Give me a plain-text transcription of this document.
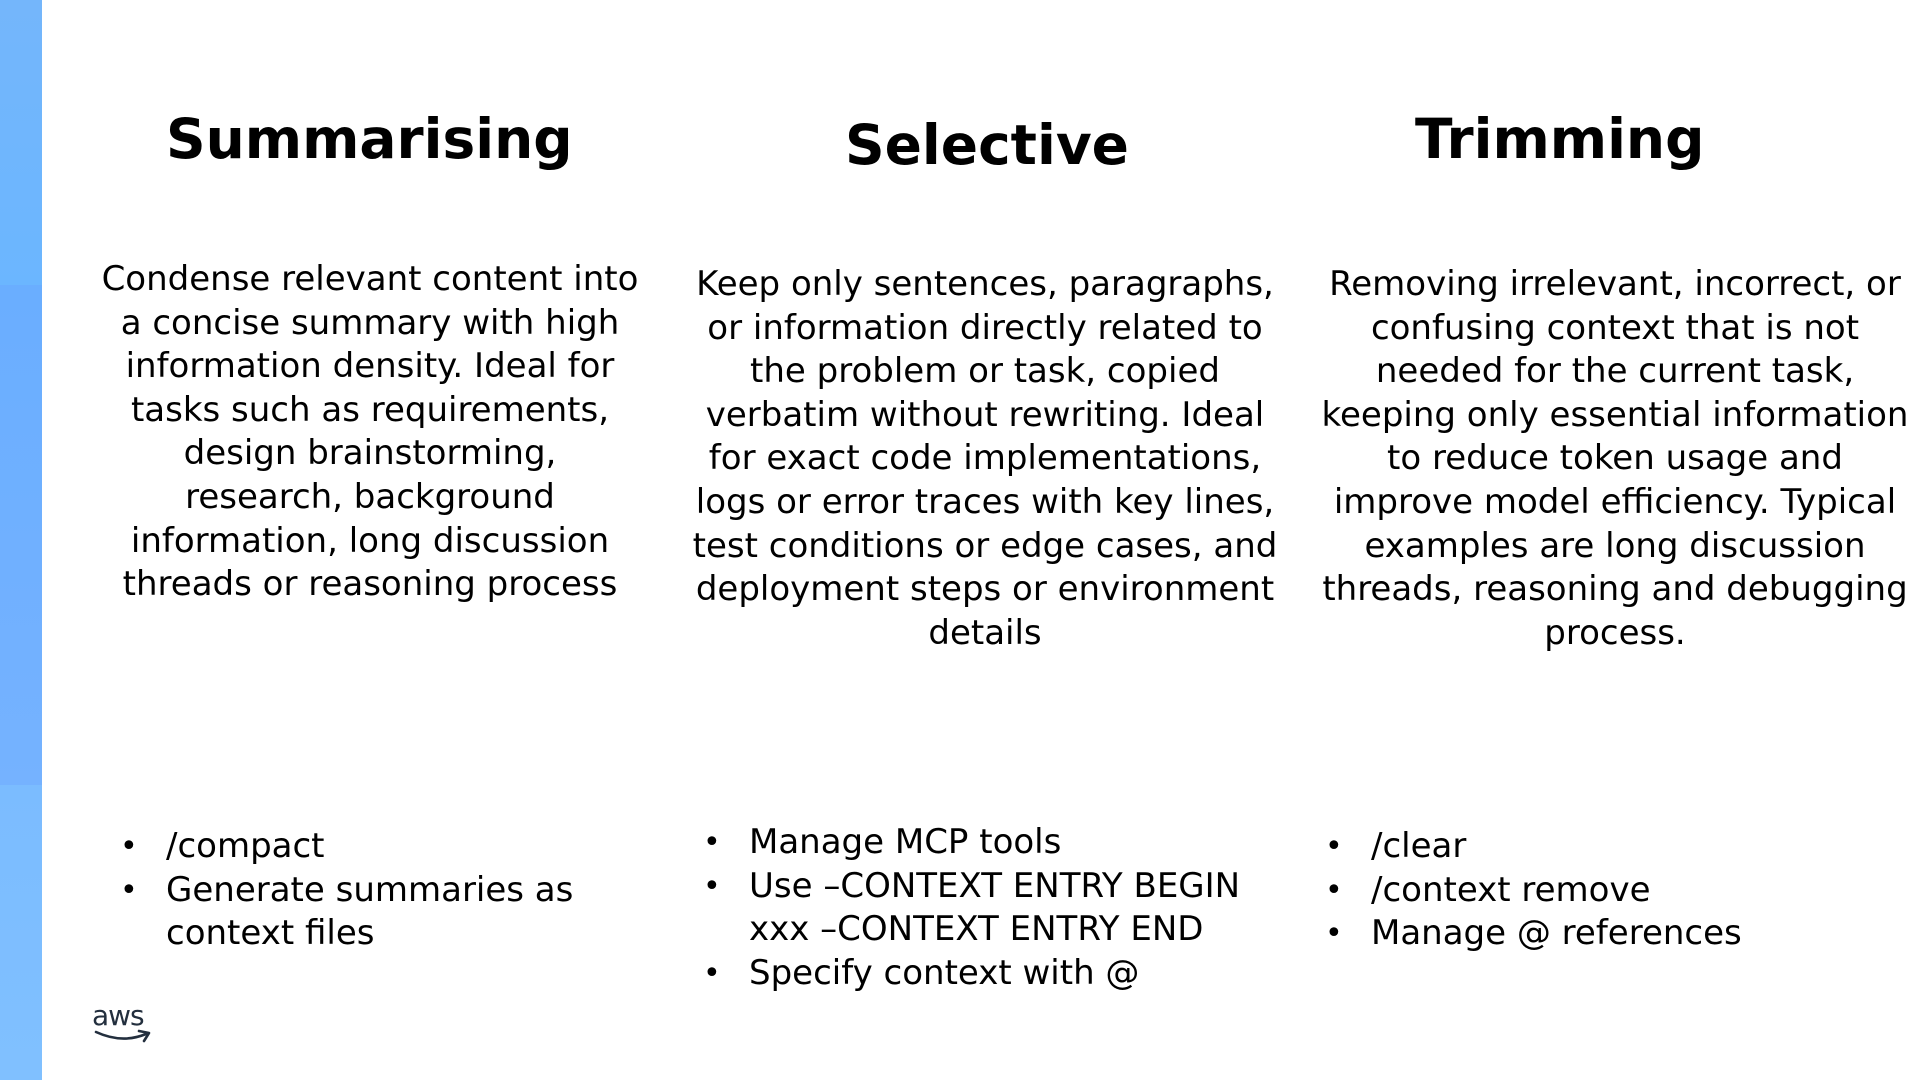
Summarising

Condense relevant content into a concise summary with high information density. Ideal for tasks such as requirements, design brainstorming, research, background information, long discussion threads or reasoning process

• /compact
• Generate summaries as context files
Selective

Keep only sentences, paragraphs, or information directly related to the problem or task, copied verbatim without rewriting. Ideal for exact code implementations, logs or error traces with key lines, test conditions or edge cases, and deployment steps or environment details

• Manage MCP tools
• Use –CONTEXT ENTRY BEGIN xxx –CONTEXT ENTRY END
• Specify context with @
Trimming

Removing irrelevant, incorrect, or confusing context that is not needed for the current task, keeping only essential information to reduce token usage and improve model efficiency. Typical examples are long discussion threads, reasoning and debugging process.

• /clear
• /context remove
• Manage @ references
aws
